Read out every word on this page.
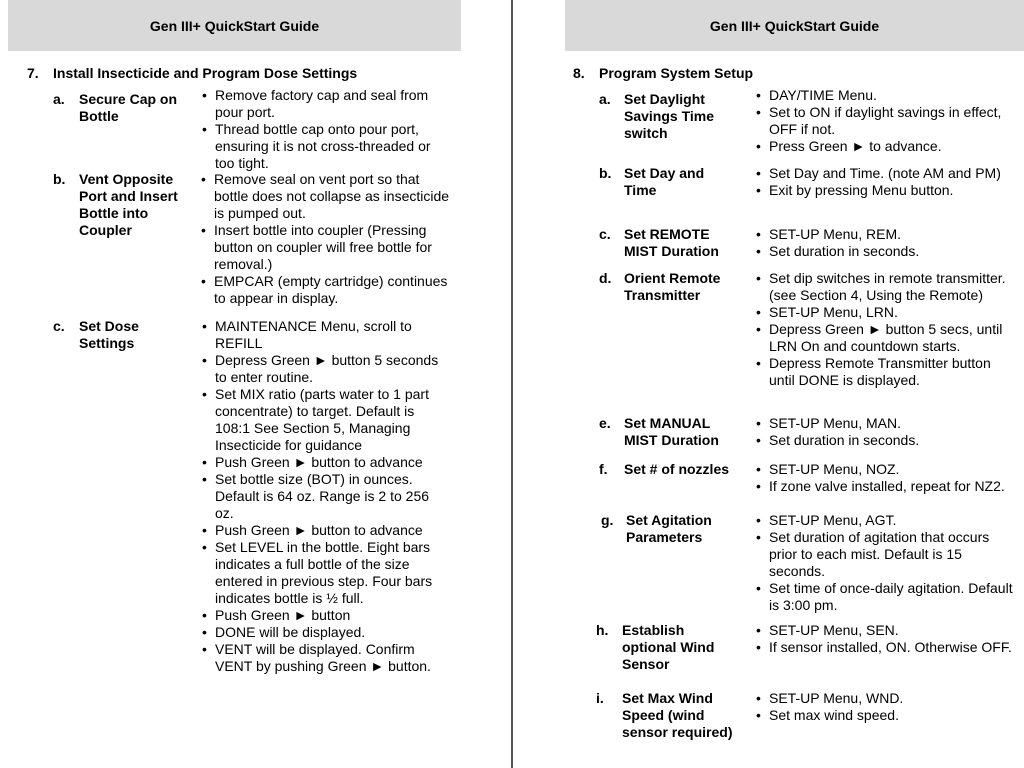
Gen III+ QuickStart Guide
7. Install Insecticide and Program Dose Settings
a. Secure Cap on Bottle
• Remove factory cap and seal from pour port.
• Thread bottle cap onto pour port, ensuring it is not cross-threaded or too tight.
b. Vent Opposite Port and Insert Bottle into Coupler
• Remove seal on vent port so that bottle does not collapse as insecticide is pumped out.
• Insert bottle into coupler (Pressing button on coupler will free bottle for removal.)
• EMPCAR (empty cartridge) continues to appear in display.
c. Set Dose Settings
• MAINTENANCE Menu, scroll to REFILL
• Depress Green ► button 5 seconds to enter routine.
• Set MIX ratio (parts water to 1 part concentrate) to target. Default is 108:1 See Section 5, Managing Insecticide for guidance
• Push Green ► button to advance
• Set bottle size (BOT) in ounces. Default is 64 oz. Range is 2 to 256 oz.
• Push Green ► button to advance
• Set LEVEL in the bottle. Eight bars indicates a full bottle of the size entered in previous step. Four bars indicates bottle is ½ full.
• Push Green ► button
• DONE will be displayed.
• VENT will be displayed. Confirm VENT by pushing Green ► button.
Gen III+ QuickStart Guide
8. Program System Setup
a. Set Daylight Savings Time switch
• DAY/TIME Menu.
• Set to ON if daylight savings in effect, OFF if not.
• Press Green ► to advance.
b. Set Day and Time
• Set Day and Time. (note AM and PM)
• Exit by pressing Menu button.
c. Set REMOTE MIST Duration
• SET-UP Menu, REM.
• Set duration in seconds.
d. Orient Remote Transmitter
• Set dip switches in remote transmitter. (see Section 4, Using the Remote)
• SET-UP Menu, LRN.
• Depress Green ► button 5 secs, until LRN On and countdown starts.
• Depress Remote Transmitter button until DONE is displayed.
e. Set MANUAL MIST Duration
• SET-UP Menu, MAN.
• Set duration in seconds.
f. Set # of nozzles
•	SET-UP Menu, NOZ.
• If zone valve installed, repeat for NZ2.
g. Set Agitation Parameters
• SET-UP Menu, AGT.
• Set duration of agitation that occurs prior to each mist. Default is 15 seconds.
• Set time of once-daily agitation. Default is 3:00 pm.
h. Establish optional Wind Sensor
• SET-UP Menu, SEN.
• If sensor installed, ON. Otherwise OFF.
i. Set Max Wind Speed (wind sensor required)
• SET-UP Menu, WND.
• Set max wind speed.
